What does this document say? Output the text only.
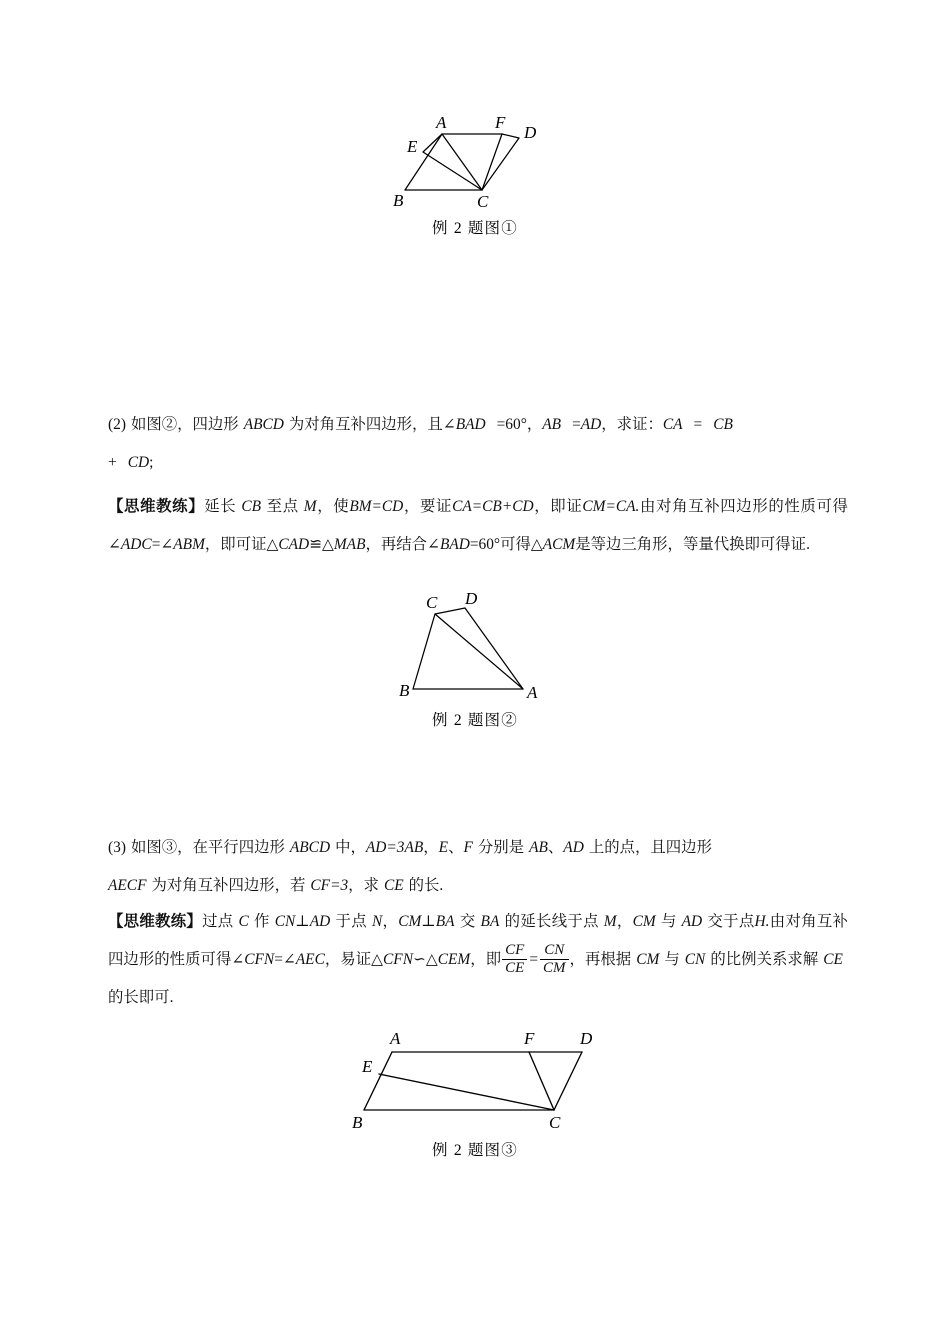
A	F
D
E
B	C
例 2 题图①
(2) 如图②，四边形 ABCD 为对角互补四边形，且∠BAD =60°，AB =AD，求证：CA = CB
+ CD;
【思维教练】延长 CB 至点 M，使BM=CD，要证CA=CB+CD，即证CM=CA.由对角互补四边形的性质可得∠ADC=∠ABM，即可证△CAD≌△MAB，再结合∠BAD=60°可得△ACM是等边三角形，等量代换即可得证.
C D
B	A
例 2 题图②
(3) 如图③，在平行四边形 ABCD 中，AD=3AB，E、F 分别是 AB、AD 上的点，且四边形
AECF 为对角互补四边形，若 CF=3，求 CE 的长.
【思维教练】过点 C 作 CN⊥AD 于点 N，CM⊥BA 交 BA 的延长线于点 M，CM 与 AD 交于点H.由对角互补四边形的性质可得∠CFN=∠AEC，易证△CFN∽△CEM，即 $\frac{CF}{CE} = \frac{CN}{CM}$ ，再根据 CM 与 CN 的比例关系求解 CE的长即可.
A	F	D
E
B	C
例 2 题图③
